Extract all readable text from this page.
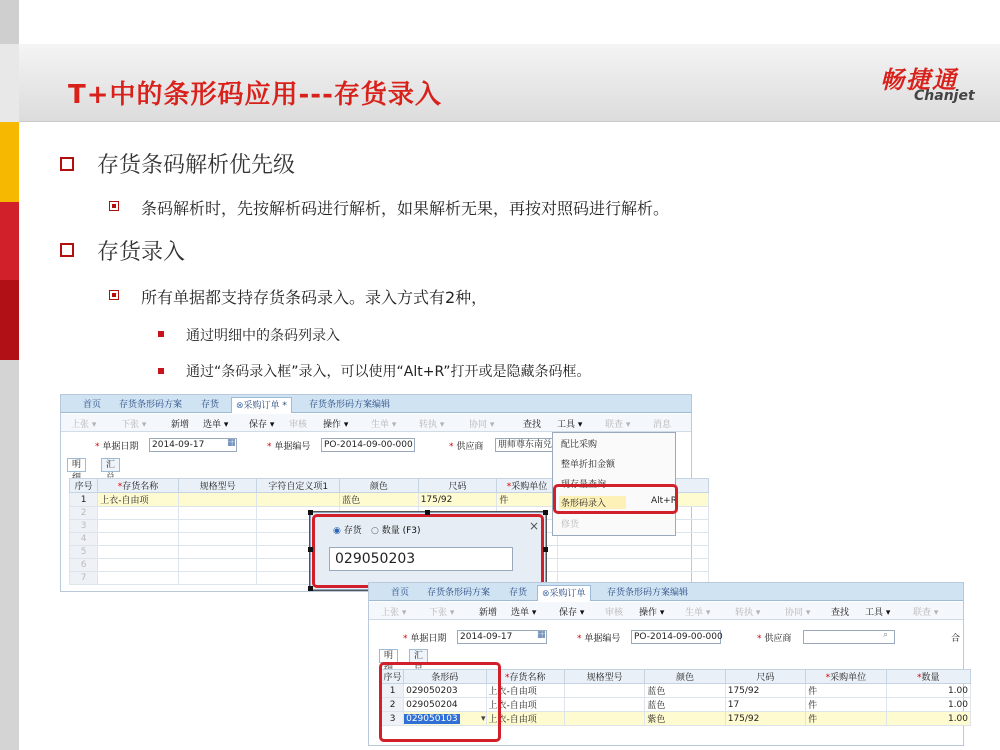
T+中的条形码应用---存货录入	畅捷通
Chanjet
存货条码解析优先级
条码解析时，先按解析码进行解析，如果解析无果，再按对照码进行解析。
存货录入
所有单据都支持存货条码录入。录入方式有2种，
通过明细中的条码列录入
通过“条码录入框”录入，可以使用“Alt+R”打开或是隐藏条码框。
首页 存货条形码方案 存货	⊗采购订单 *	存货条形码方案编辑
上张 ▾	下张 ▾	新增 选单 ▾ 保存 ▾ 审核 操作 ▾	生单 ▾	转执 ▾	协同 ▾	查找 工具 ▾	联查 ▾	消息
* 单据日期	2014-09-17	▦	* 单据编号	PO-2014-09-00-000	* 供应商	朋师尊东南兑
明	汇
序号	*存货名称	规格型号	字符自定义项1	颜色	尺码	*采购单位	
1	上衣-自由项			蓝色	175/92	件	
2							
3							
4							
5							
6							
7							
配比采购
整单折扣金额
现存量查询
条形码录入	Alt+R
修货
◉ 存货 ○ 数量 (F3)	×
029050203
首页 存货条形码方案 存货	⊗采购订单	存货条形码方案编辑
上张 ▾	下张 ▾	新增 选单 ▾	保存 ▾ 审核 操作 ▾ 生单 ▾	转执 ▾	协同 ▾ 查找 工具 ▾	联查 ▾
* 单据日期	2014-09-17	▦	* 单据编号	PO-2014-09-00-000	* 供应商	⌕	合
明	汇
序号	条形码	*存货名称	规格型号	颜色	尺码	*采购单位	*数量
1	029050203	上衣-自由项		蓝色	175/92	件	1.00
2	029050204	上衣-自由项		蓝色	17	件	1.00
3	029050103 ▾	上衣-自由项		紫色	175/92	件	1.00
